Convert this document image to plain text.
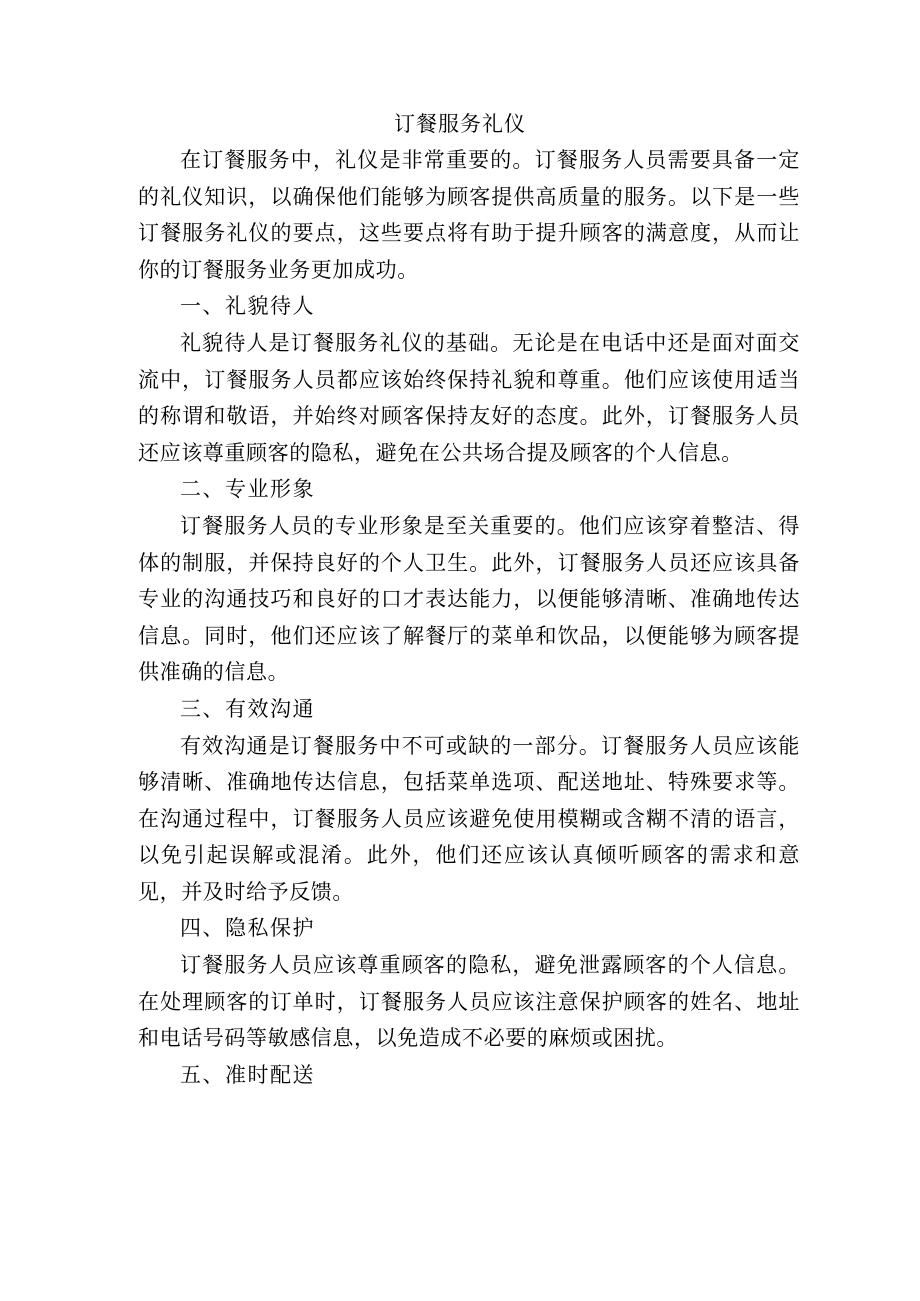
订餐服务礼仪

在订餐服务中，礼仪是非常重要的。订餐服务人员需要具备一定的礼仪知识，以确保他们能够为顾客提供高质量的服务。以下是一些订餐服务礼仪的要点，这些要点将有助于提升顾客的满意度，从而让你的订餐服务业务更加成功。

一、礼貌待人

礼貌待人是订餐服务礼仪的基础。无论是在电话中还是面对面交流中，订餐服务人员都应该始终保持礼貌和尊重。他们应该使用适当的称谓和敬语，并始终对顾客保持友好的态度。此外，订餐服务人员还应该尊重顾客的隐私，避免在公共场合提及顾客的个人信息。

二、专业形象

订餐服务人员的专业形象是至关重要的。他们应该穿着整洁、得体的制服，并保持良好的个人卫生。此外，订餐服务人员还应该具备专业的沟通技巧和良好的口才表达能力，以便能够清晰、准确地传达信息。同时，他们还应该了解餐厅的菜单和饮品，以便能够为顾客提供准确的信息。

三、有效沟通

有效沟通是订餐服务中不可或缺的一部分。订餐服务人员应该能够清晰、准确地传达信息，包括菜单选项、配送地址、特殊要求等。在沟通过程中，订餐服务人员应该避免使用模糊或含糊不清的语言，以免引起误解或混淆。此外，他们还应该认真倾听顾客的需求和意见，并及时给予反馈。

四、隐私保护

订餐服务人员应该尊重顾客的隐私，避免泄露顾客的个人信息。在处理顾客的订单时，订餐服务人员应该注意保护顾客的姓名、地址和电话号码等敏感信息，以免造成不必要的麻烦或困扰。

五、准时配送
